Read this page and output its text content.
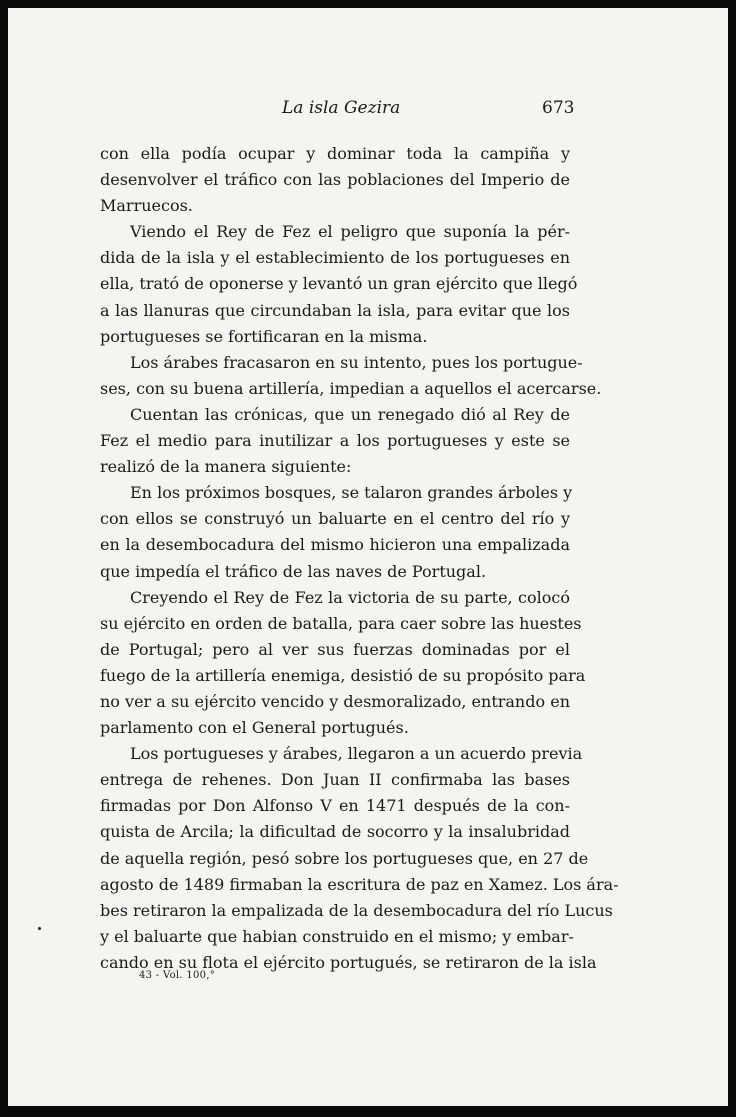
La isla Gezira	673
con ella podía ocupar y dominar toda la campiña y
desenvolver el tráfico con las poblaciones del Imperio de
Marruecos.
Viendo el Rey de Fez el peligro que suponía la pér-
dida de la isla y el establecimiento de los portugueses en
ella, trató de oponerse y levantó un gran ejército que llegó
a las llanuras que circundaban la isla, para evitar que los
portugueses se fortificaran en la misma.
Los árabes fracasaron en su intento, pues los portugue-
ses, con su buena artillería, impedian a aquellos el acercarse.
Cuentan las crónicas, que un renegado dió al Rey de
Fez el medio para inutilizar a los portugueses y este se
realizó de la manera siguiente:
En los próximos bosques, se talaron grandes árboles y
con ellos se construyó un baluarte en el centro del río y
en la desembocadura del mismo hicieron una empalizada
que impedía el tráfico de las naves de Portugal.
Creyendo el Rey de Fez la victoria de su parte, colocó
su ejército en orden de batalla, para caer sobre las huestes
de Portugal; pero al ver sus fuerzas dominadas por el
fuego de la artillería enemiga, desistió de su propósito para
no ver a su ejército vencido y desmoralizado, entrando en
parlamento con el General portugués.
Los portugueses y árabes, llegaron a un acuerdo previa
entrega de rehenes. Don Juan II confirmaba las bases
firmadas por Don Alfonso V en 1471 después de la con-
quista de Arcila; la dificultad de socorro y la insalubridad
de aquella región, pesó sobre los portugueses que, en 27 de
agosto de 1489 firmaban la escritura de paz en Xamez. Los ára-
bes retiraron la empalizada de la desembocadura del río Lucus
y el baluarte que habian construido en el mismo; y embar-
cando en su flota el ejército portugués, se retiraron de la isla
43 - Vol. 100,°
